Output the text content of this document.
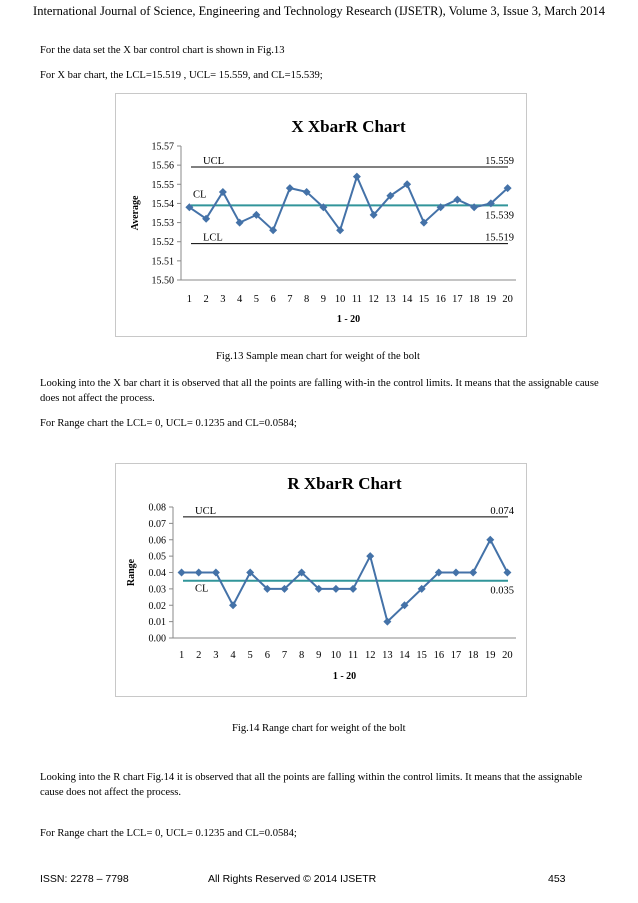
International Journal of Science, Engineering and Technology Research (IJSETR), Volume 3, Issue 3, March 2014
For the data set the X bar control chart is shown in Fig.13
For X bar chart, the LCL=15.519 , UCL= 15.559, and CL=15.539;
X XbarR Chart
15.50
15.51
15.52
15.53
15.54
15.55
15.56
15.57
1 2 3 4 5 6 7 8 9 10 11 12 13 14 15 16 17 18 19 20
1 - 20
Average
UCL	15.559
CL
15.539
LCL	15.519
Fig.13 Sample mean chart for weight of the bolt
Looking into the X bar chart it is observed that all the points are falling with-in the control limits. It means that the assignable cause does not affect the process.
For Range chart the LCL= 0, UCL= 0.1235 and CL=0.0584;
R XbarR Chart
0.00
0.01
0.02
0.03
0.04
0.05
0.06
0.07
0.08
1 2 3 4 5 6 7 8 9 10 11 12 13 14 15 16 17 18 19 20
1 - 20
Range
UCL	0.074
CL	0.035
Fig.14 Range chart for weight of the bolt
Looking into the R chart Fig.14 it is observed that all the points are falling within the control limits. It means that the assignable cause does not affect the process.
For Range chart the LCL= 0, UCL= 0.1235 and CL=0.0584;
ISSN: 2278 – 7798	All Rights Reserved © 2014 IJSETR	453
